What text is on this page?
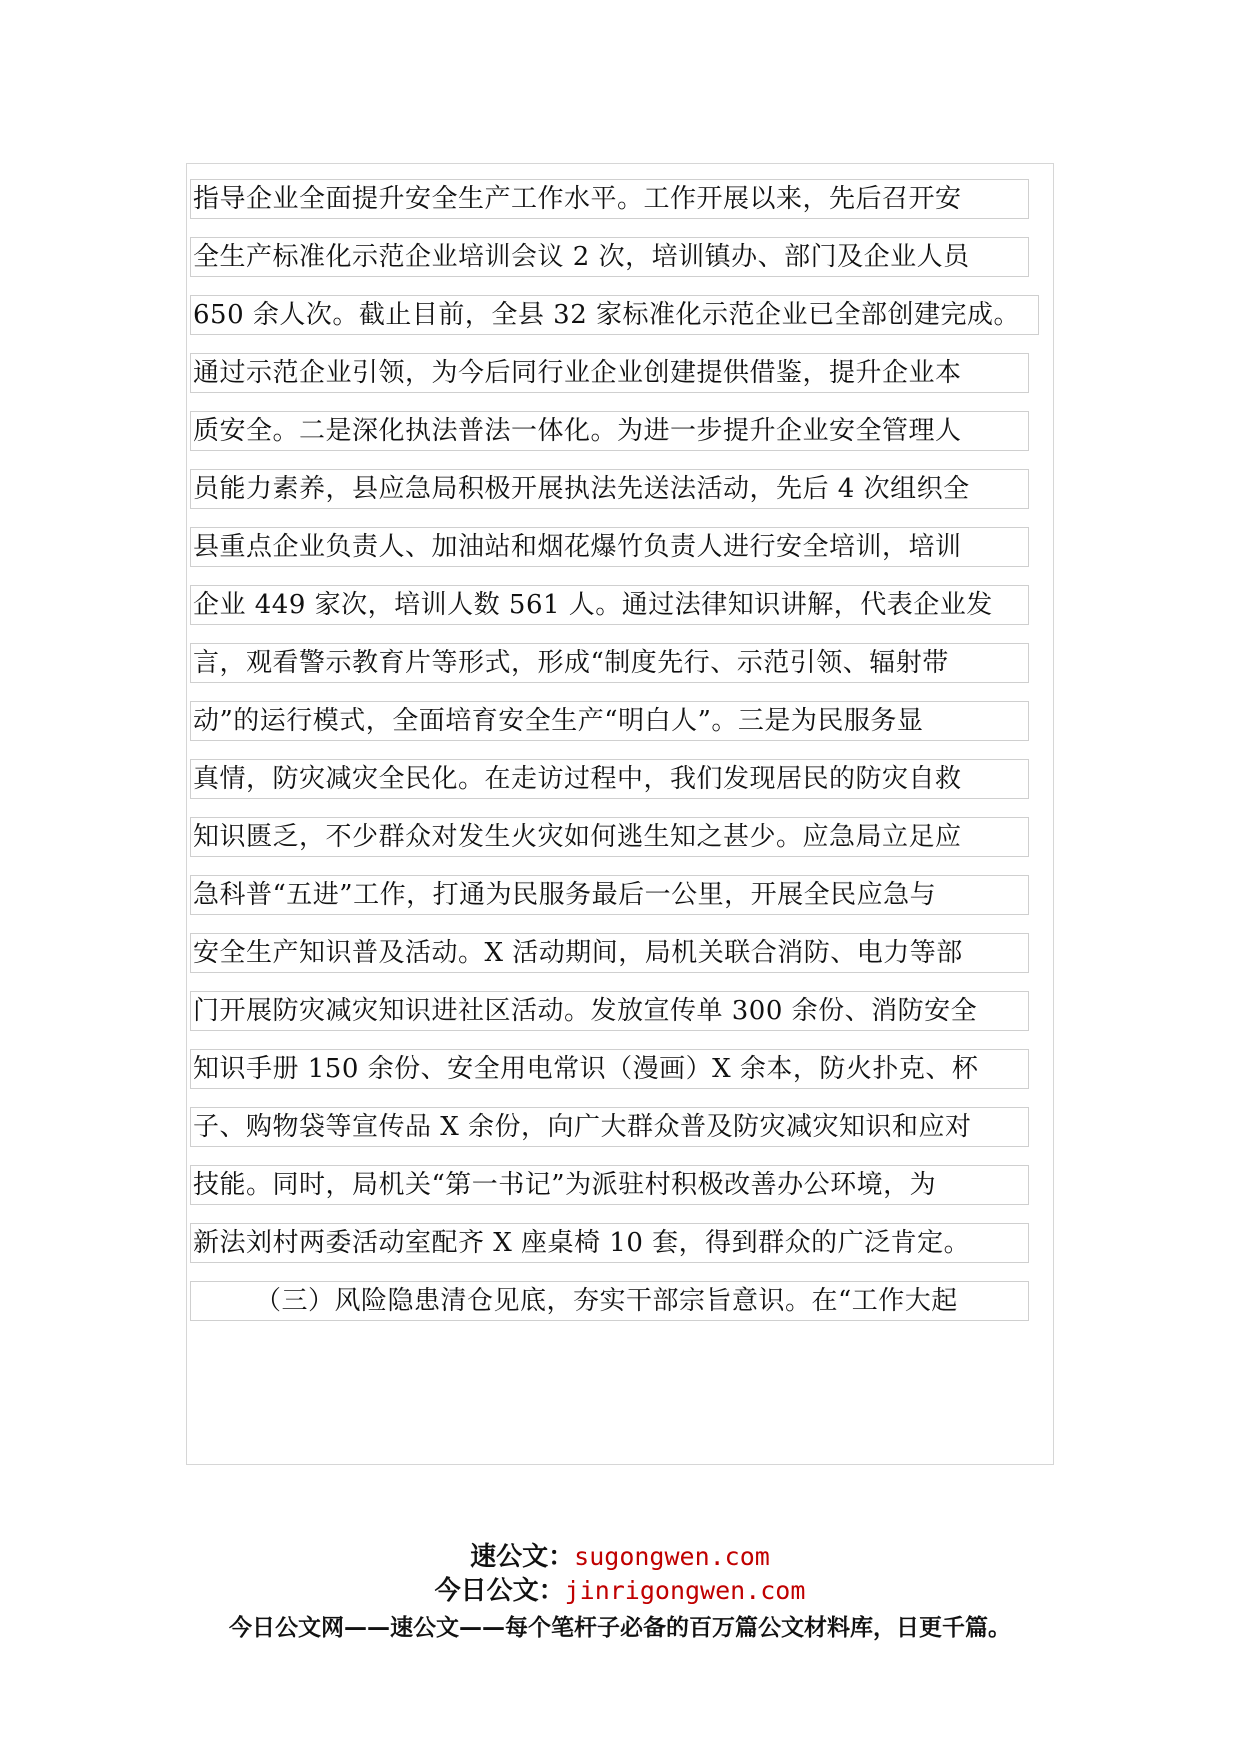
指导企业全面提升安全生产工作水平。工作开展以来，先后召开安
全生产标准化示范企业培训会议 2 次，培训镇办、部门及企业人员
650 余人次。截止目前，全县 32 家标准化示范企业已全部创建完成。
通过示范企业引领，为今后同行业企业创建提供借鉴，提升企业本
质安全。二是深化执法普法一体化。为进一步提升企业安全管理人
员能力素养，县应急局积极开展执法先送法活动，先后 4 次组织全
县重点企业负责人、加油站和烟花爆竹负责人进行安全培训，培训
企业 449 家次，培训人数 561 人。通过法律知识讲解，代表企业发
言，观看警示教育片等形式，形成“制度先行、示范引领、辐射带
动”的运行模式，全面培育安全生产“明白人”。三是为民服务显
真情，防灾减灾全民化。在走访过程中，我们发现居民的防灾自救
知识匮乏，不少群众对发生火灾如何逃生知之甚少。应急局立足应
急科普“五进”工作，打通为民服务最后一公里，开展全民应急与
安全生产知识普及活动。X 活动期间，局机关联合消防、电力等部
门开展防灾减灾知识进社区活动。发放宣传单 300 余份、消防安全
知识手册 150 余份、安全用电常识（漫画）X 余本，防火扑克、杯
子、购物袋等宣传品 X 余份，向广大群众普及防灾减灾知识和应对
技能。同时，局机关“第一书记”为派驻村积极改善办公环境，为
新法刘村两委活动室配齐 X 座桌椅 10 套，得到群众的广泛肯定。
（三）风险隐患清仓见底，夯实干部宗旨意识。在“工作大起
速公文：sugongwen.com
今日公文：jinrigongwen.com
今日公文网——速公文——每个笔杆子必备的百万篇公文材料库，日更千篇。
